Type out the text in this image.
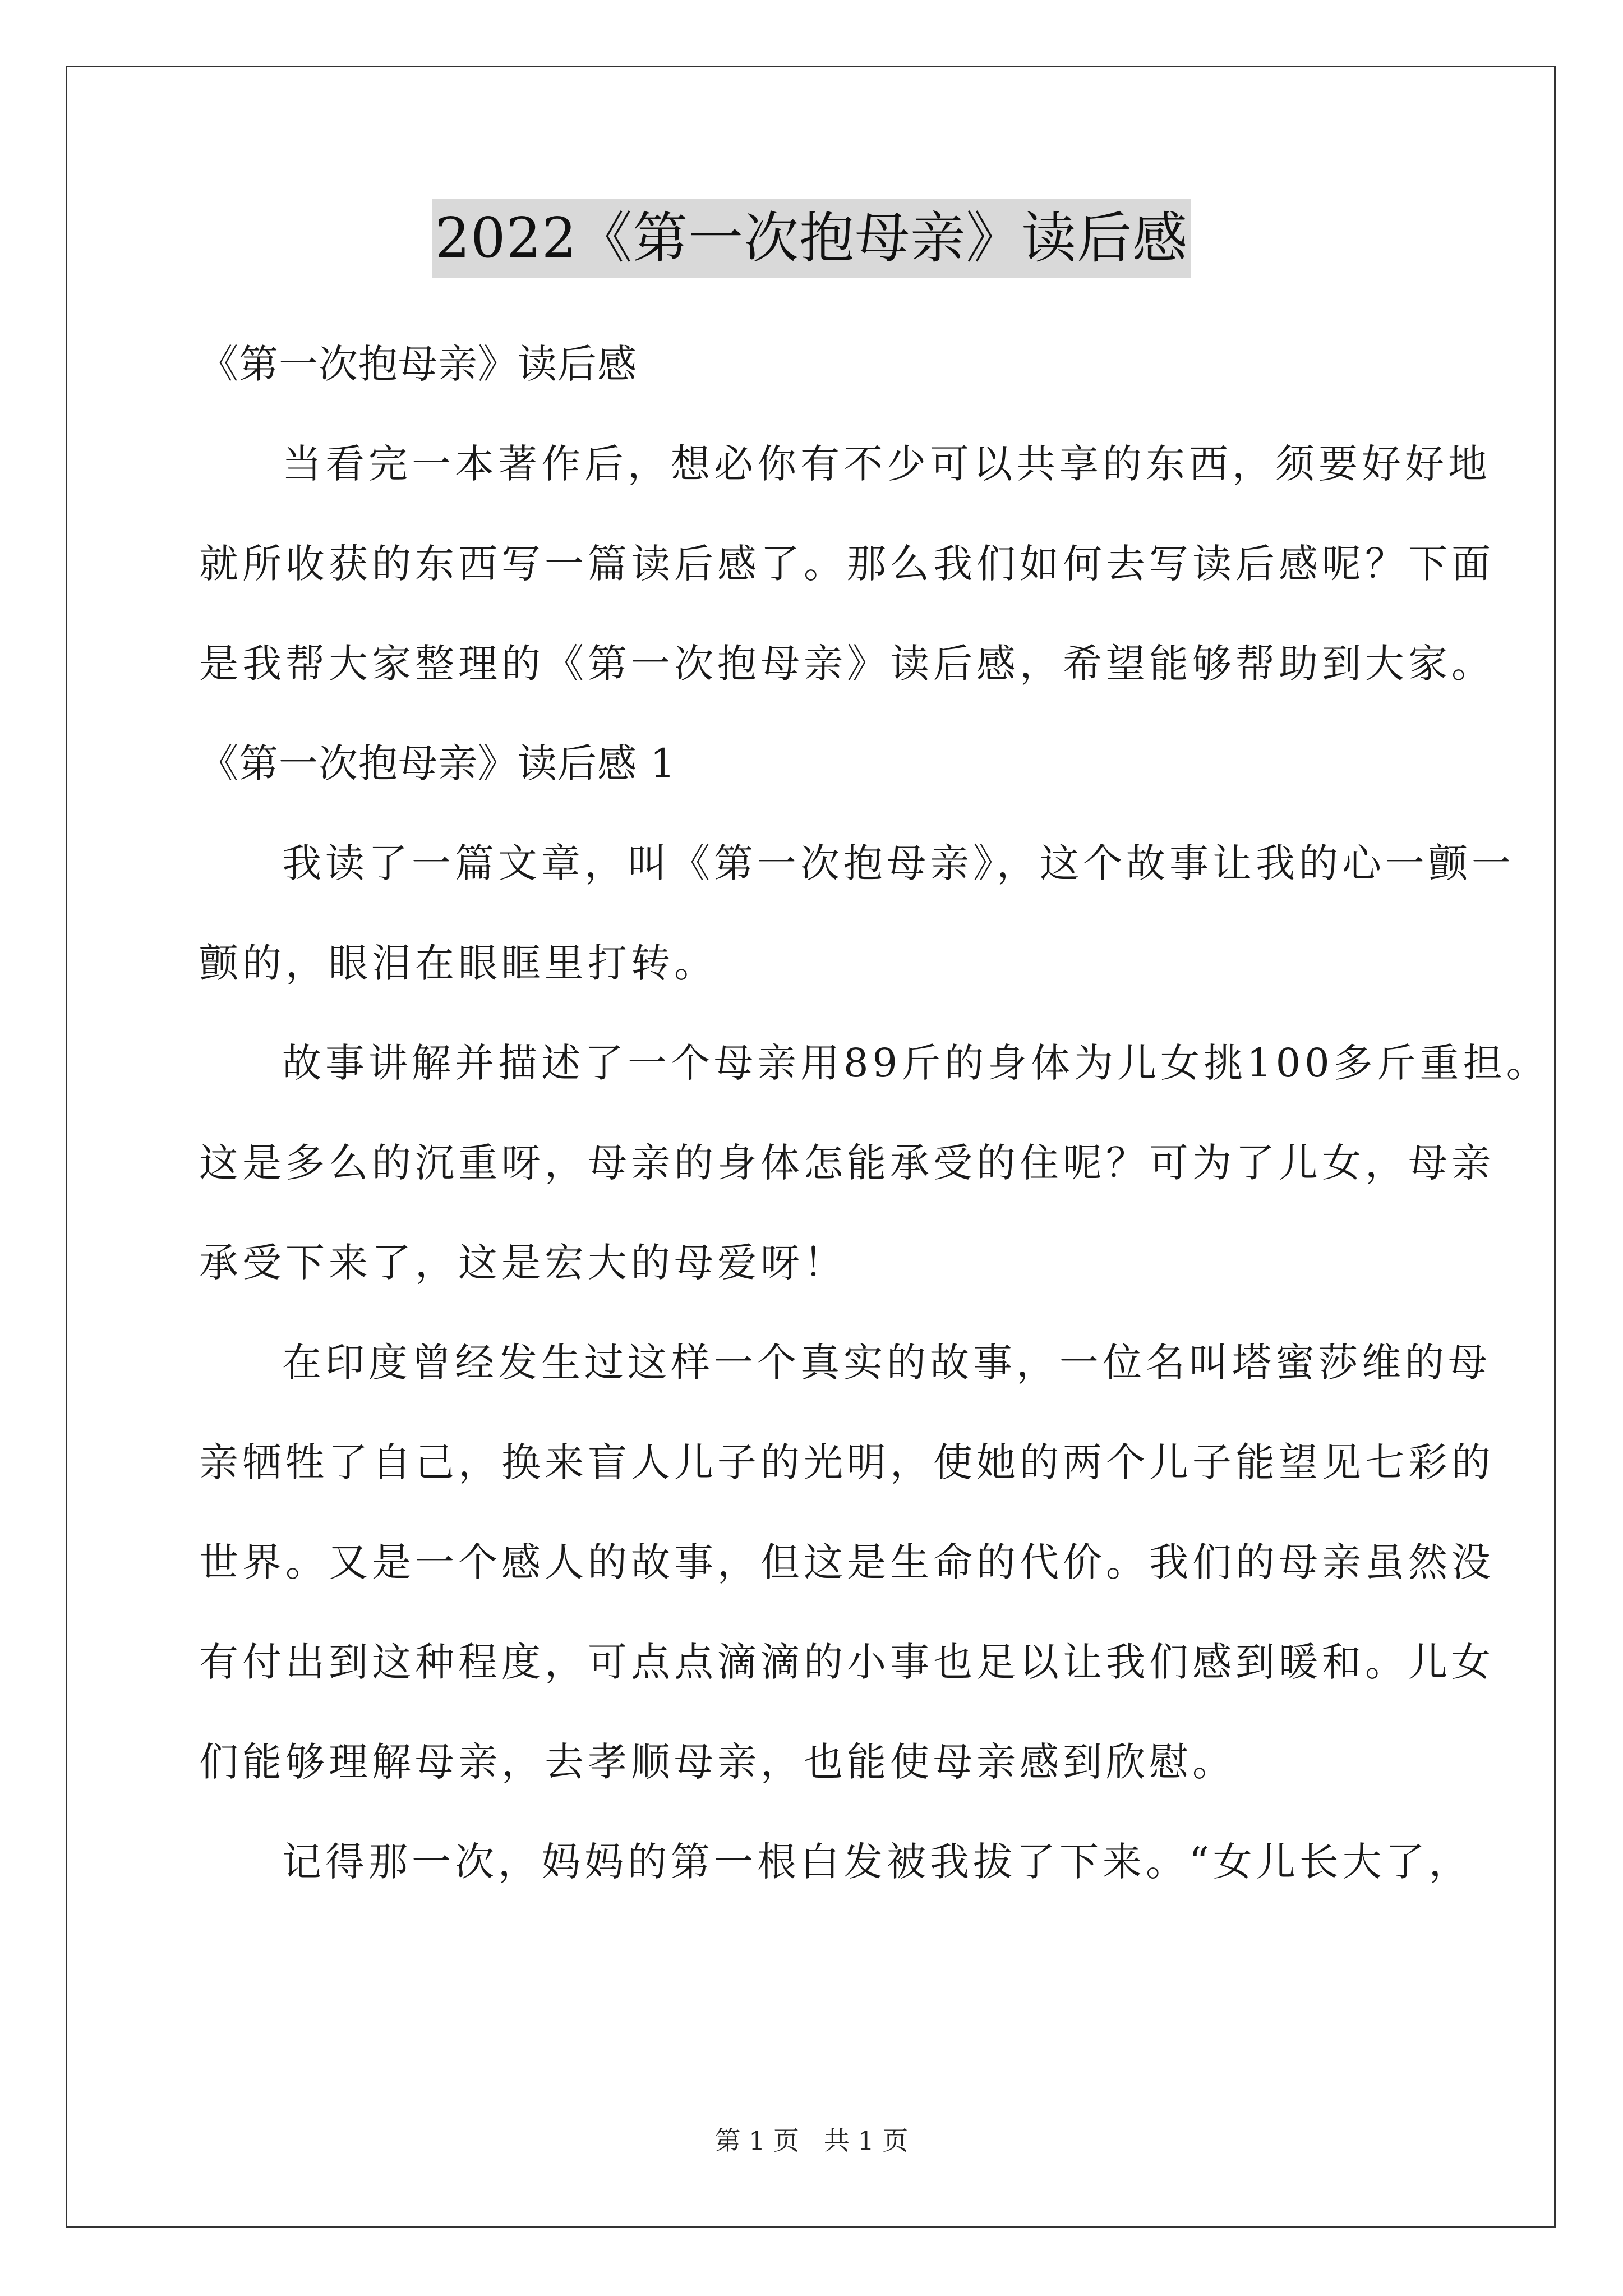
2022《第一次抱母亲》读后感
《第一次抱母亲》读后感
当看完一本著作后，想必你有不少可以共享的东西，须要好好地
就所收获的东西写一篇读后感了。那么我们如何去写读后感呢？下面
是我帮大家整理的《第一次抱母亲》读后感，希望能够帮助到大家。
《第一次抱母亲》读后感 1
我读了一篇文章，叫《第一次抱母亲》，这个故事让我的心一颤一
颤的，眼泪在眼眶里打转。
故事讲解并描述了一个母亲用89斤的身体为儿女挑100多斤重担。
这是多么的沉重呀，母亲的身体怎能承受的住呢？可为了儿女，母亲
承受下来了，这是宏大的母爱呀！
在印度曾经发生过这样一个真实的故事，一位名叫塔蜜莎维的母
亲牺牲了自己，换来盲人儿子的光明，使她的两个儿子能望见七彩的
世界。又是一个感人的故事，但这是生命的代价。我们的母亲虽然没
有付出到这种程度，可点点滴滴的小事也足以让我们感到暖和。儿女
们能够理解母亲，去孝顺母亲，也能使母亲感到欣慰。
记得那一次，妈妈的第一根白发被我拔了下来。“女儿长大了，
第 1 页   共 1 页
